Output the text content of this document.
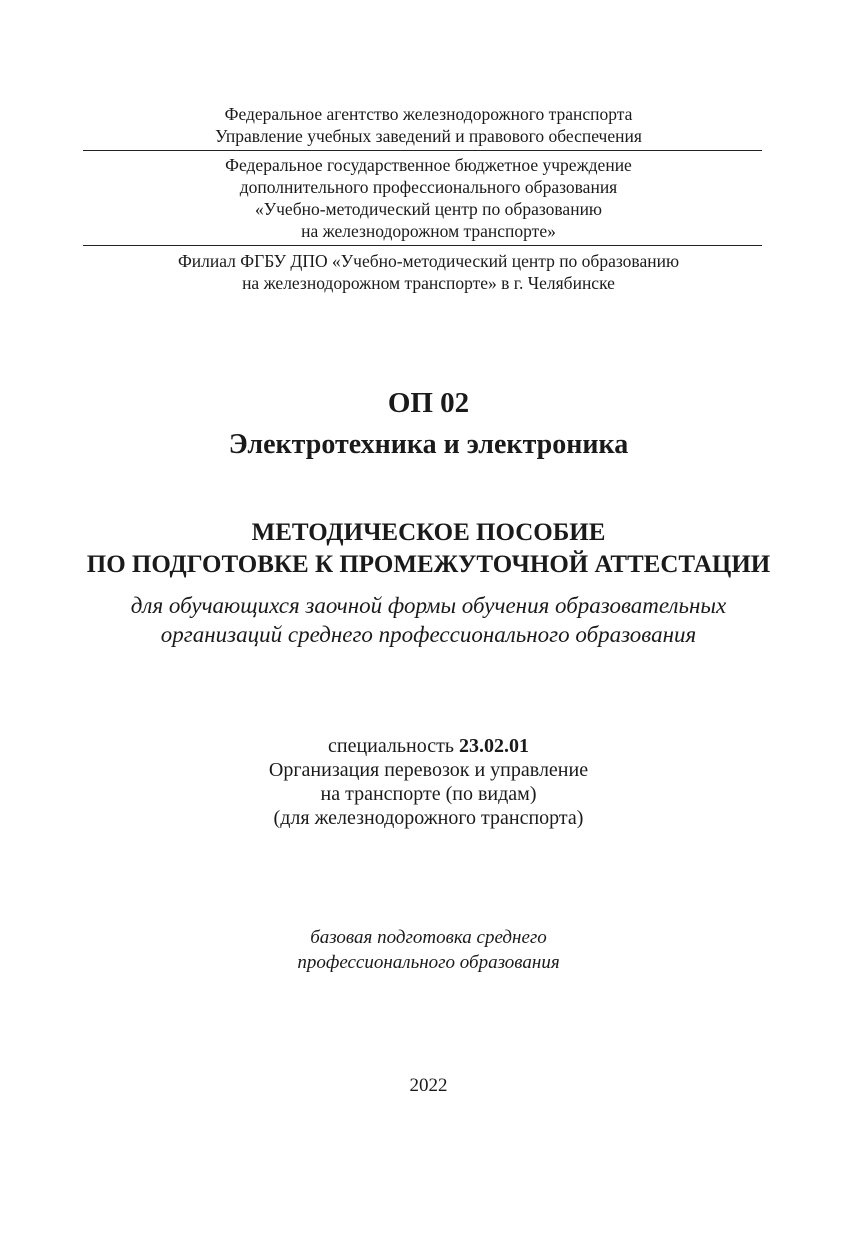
Федеральное агентство железнодорожного транспорта
Управление учебных заведений и правового обеспечения
Федеральное государственное бюджетное учреждение
дополнительного профессионального образования
«Учебно-методический центр по образованию
на железнодорожном транспорте»
Филиал ФГБУ ДПО «Учебно-методический центр по образованию
на железнодорожном транспорте» в г. Челябинске
ОП 02
Электротехника и электроника
МЕТОДИЧЕСКОЕ ПОСОБИЕ
ПО ПОДГОТОВКЕ К ПРОМЕЖУТОЧНОЙ АТТЕСТАЦИИ
для обучающихся заочной формы обучения образовательных
организаций среднего профессионального образования
специальность 23.02.01
Организация перевозок и управление
на транспорте (по видам)
(для железнодорожного транспорта)
базовая подготовка среднего
профессионального образования
2022
